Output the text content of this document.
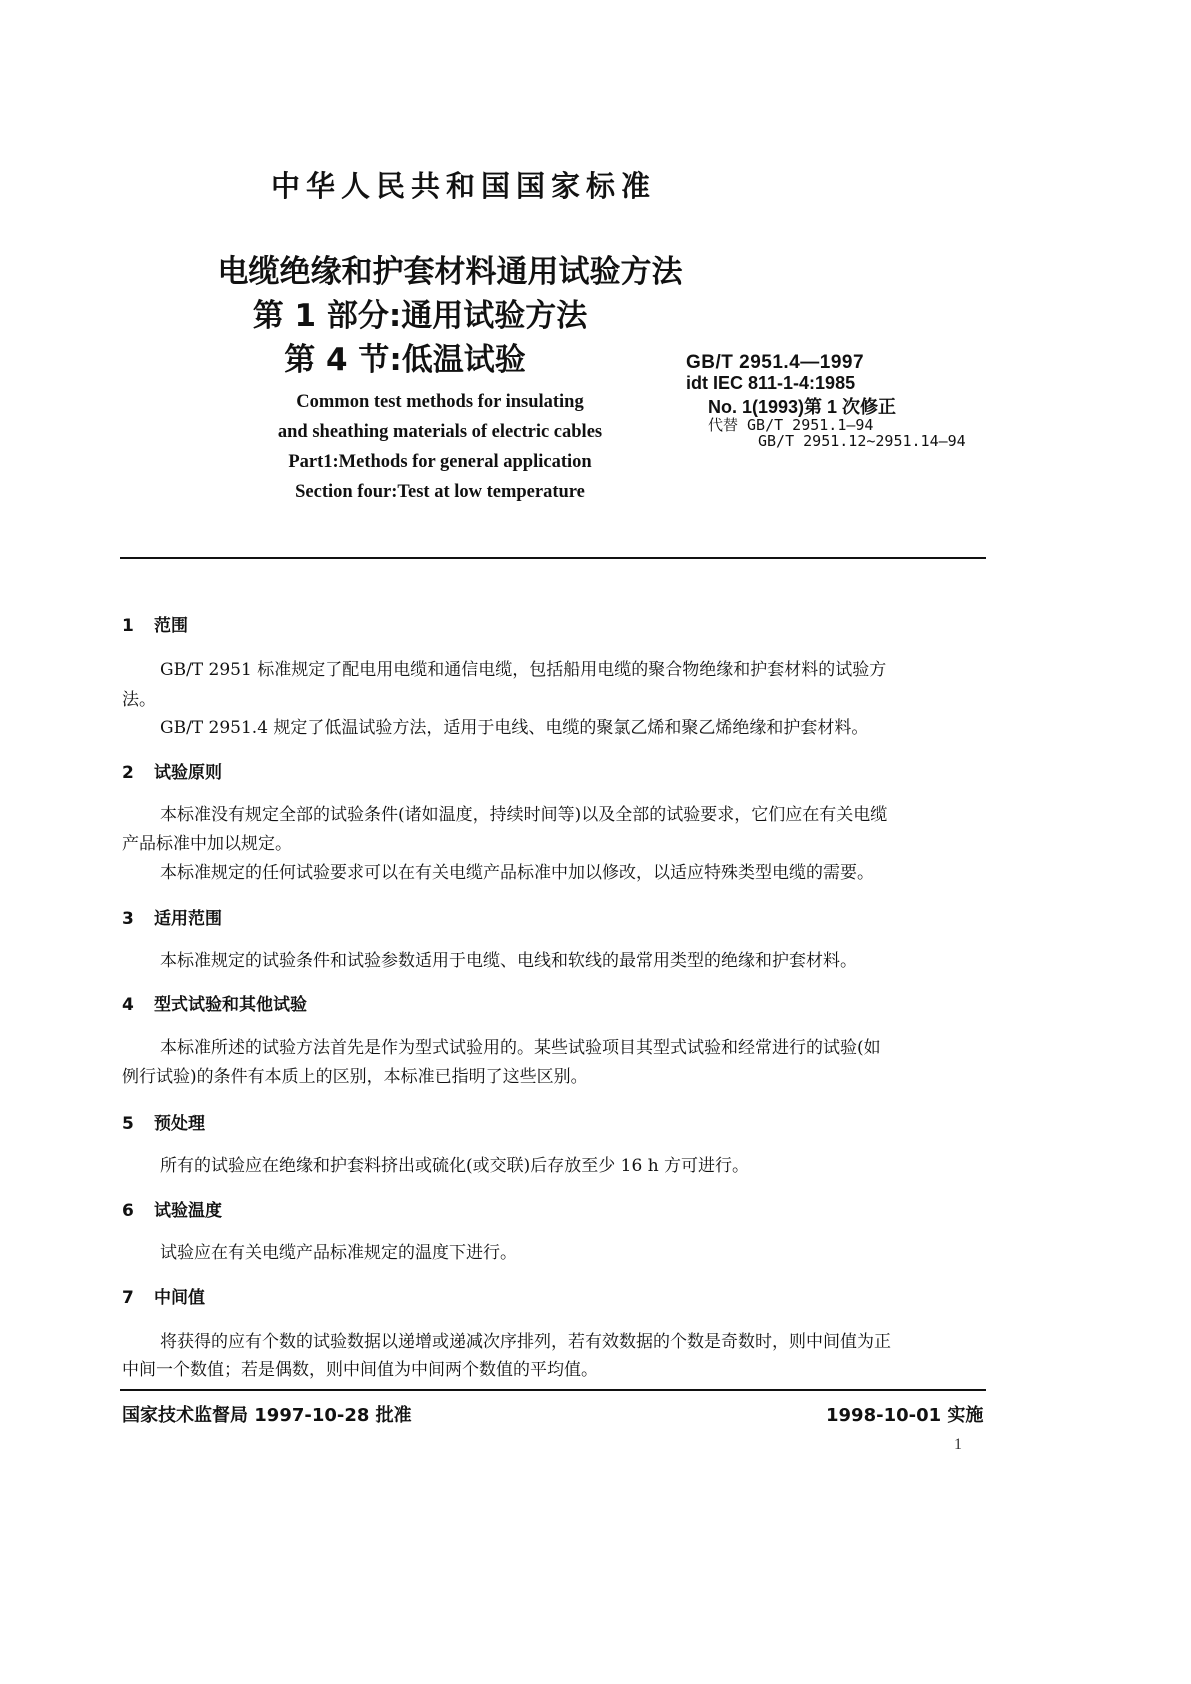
中华人民共和国国家标准
电缆绝缘和护套材料通用试验方法
第 1 部分:通用试验方法
第 4 节:低温试验
Common test methods for insulating
and sheathing materials of electric cables
Part1:Methods for general application
Section four:Test at low temperature
GB/T 2951.4—1997
idt IEC 811-1-4:1985
No. 1(1993)第 1 次修正
代替 GB/T 2951.1—94
GB/T 2951.12~2951.14—94
1 范围
GB/T 2951 标准规定了配电用电缆和通信电缆，包括船用电缆的聚合物绝缘和护套材料的试验方
法。
GB/T 2951.4 规定了低温试验方法，适用于电线、电缆的聚氯乙烯和聚乙烯绝缘和护套材料。
2 试验原则
本标准没有规定全部的试验条件(诸如温度，持续时间等)以及全部的试验要求，它们应在有关电缆
产品标准中加以规定。
本标准规定的任何试验要求可以在有关电缆产品标准中加以修改，以适应特殊类型电缆的需要。
3 适用范围
本标准规定的试验条件和试验参数适用于电缆、电线和软线的最常用类型的绝缘和护套材料。
4 型式试验和其他试验
本标准所述的试验方法首先是作为型式试验用的。某些试验项目其型式试验和经常进行的试验(如
例行试验)的条件有本质上的区别，本标准已指明了这些区别。
5 预处理
所有的试验应在绝缘和护套料挤出或硫化(或交联)后存放至少 16 h 方可进行。
6 试验温度
试验应在有关电缆产品标准规定的温度下进行。
7 中间值
将获得的应有个数的试验数据以递增或递减次序排列，若有效数据的个数是奇数时，则中间值为正
中间一个数值；若是偶数，则中间值为中间两个数值的平均值。
国家技术监督局 1997-10-28 批准	1998-10-01 实施
1
